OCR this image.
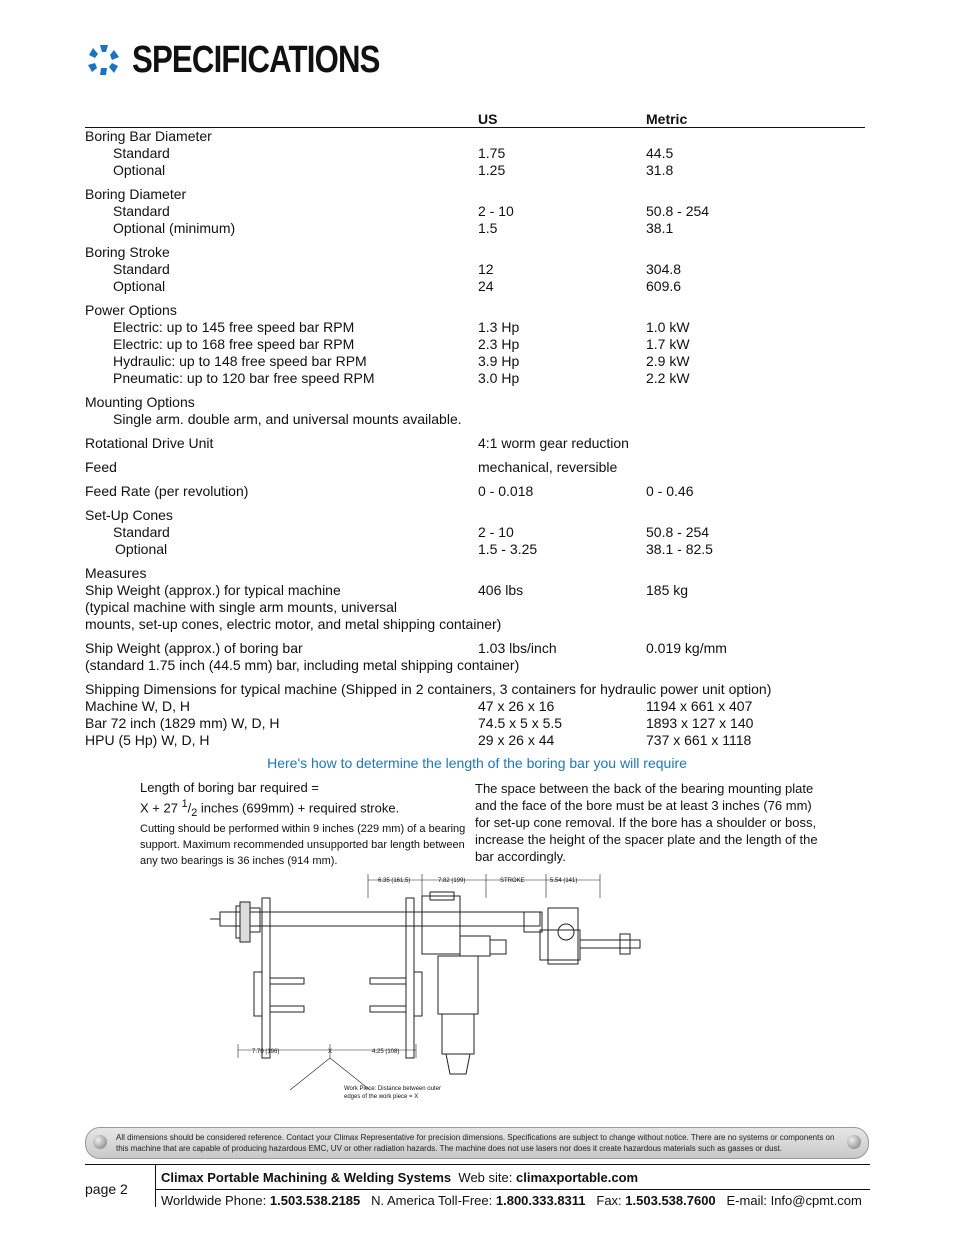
SPECIFICATIONS
US	Metric
Boring Bar Diameter
Standard	1.75	44.5
Optional	1.25	31.8
Boring Diameter
Standard	2 - 10	50.8 - 254
Optional (minimum)	1.5	38.1
Boring Stroke
Standard	12	304.8
Optional	24	609.6
Power Options
Electric: up to 145 free speed bar RPM	1.3 Hp	1.0 kW
Electric: up to 168 free speed bar RPM	2.3 Hp	1.7 kW
Hydraulic: up to 148 free speed bar RPM	3.9 Hp	2.9 kW
Pneumatic: up to 120 bar free speed RPM	3.0 Hp	2.2 kW
Mounting Options
Single arm. double arm, and universal mounts available.
Rotational Drive Unit	4:1 worm gear reduction
Feed	mechanical, reversible
Feed Rate (per revolution)	0 - 0.018	0 - 0.46
Set-Up Cones
Standard	2 - 10	50.8 - 254
Optional	1.5 - 3.25	38.1 - 82.5
Measures
Ship Weight (approx.) for typical machine	406 lbs	185 kg
(typical machine with single arm mounts, universal
mounts, set-up cones, electric motor, and metal shipping container)
Ship Weight (approx.) of boring bar	1.03 lbs/inch	0.019 kg/mm
(standard 1.75 inch (44.5 mm) bar, including metal shipping container)
Shipping Dimensions for typical machine (Shipped in 2 containers, 3 containers for hydraulic power unit option)
Machine W, D, H	47 x 26 x 16	1194 x 661 x 407
Bar 72 inch (1829 mm) W, D, H	74.5 x 5 x 5.5	1893 x 127 x 140
HPU (5 Hp) W, D, H	29 x 26 x 44	737 x 661 x 1118
Here's how to determine the length of the boring bar you will require
Length of boring bar required =
X + 27 $^1/_2$ inches (699mm) + required stroke.
Cutting should be performed within 9 inches (229 mm) of a bearing support. Maximum recommended unsupported bar length between any two bearings is 36 inches (914 mm).
The space between the back of the bearing mounting plate and the face of the bore must be at least 3 inches (76 mm) for set-up cone removal. If the bore has a shoulder or boss, increase the height of the spacer plate and the length of the bar accordingly.
6.35 (161.5)	7.82 (199)	STROKE	5.54 (141)
7.70 (196)	X	4.25 (108)
Work Piece: Distance between outer
edges of the work piece = X
All dimensions should be considered reference. Contact your Climax Representative for precision dimensions. Specifications are subject to change without notice. There are no systems or components on this machine that are capable of producing hazardous EMC, UV or other radiation hazards. The machine does not use lasers nor does it create hazardous materials such as gasses or dust.
page 2
Climax Portable Machining & Welding Systems Web site: climaxportable.com
Worldwide Phone: 1.503.538.2185 N. America Toll-Free: 1.800.333.8311 Fax: 1.503.538.7600 E-mail: Info@cpmt.com
